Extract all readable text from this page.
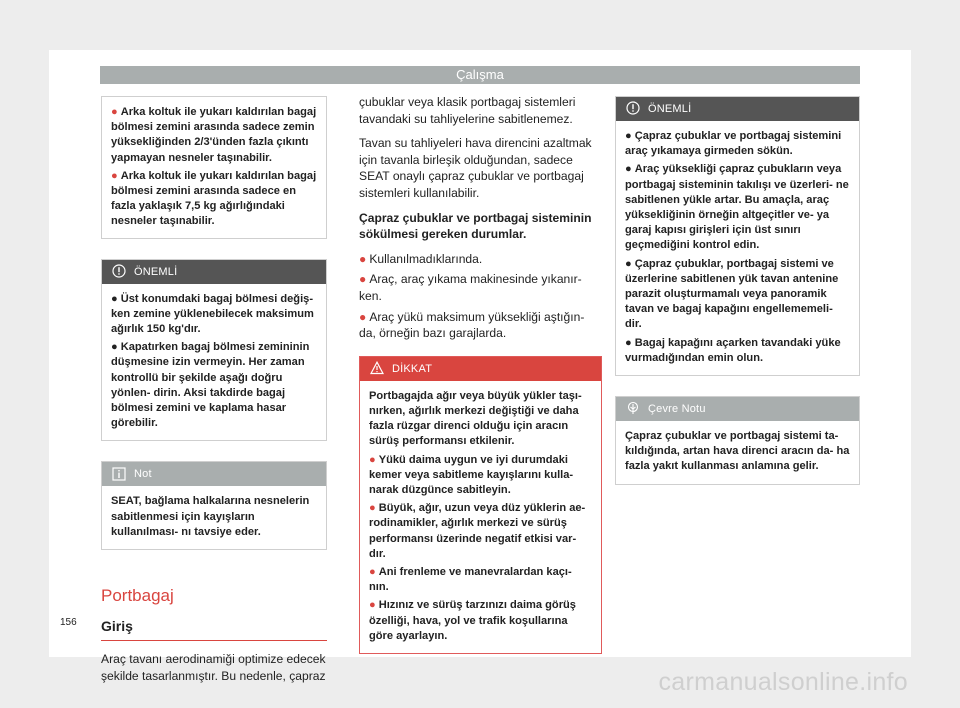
Çalışma

● Arka koltuk ile yukarı kaldırılan bagaj bölmesi zemini arasında sadece zemin yüksekliğinden 2/3'ünden fazla çıkıntı yapmayan nesneler taşınabilir.

● Arka koltuk ile yukarı kaldırılan bagaj bölmesi zemini arasında sadece en fazla yaklaşık 7,5 kg ağırlığındaki nesneler taşınabilir.

ÖNEMLİ

● Üst konumdaki bagaj bölmesi değiş- ken zemine yüklenebilecek maksimum ağırlık 150 kg'dır.

● Kapatırken bagaj bölmesi zemininin düşmesine izin vermeyin. Her zaman kontrollü bir şekilde aşağı doğru yönlen- dirin. Aksi takdirde bagaj bölmesi zemini ve kaplama hasar görebilir.

Not

SEAT, bağlama halkalarına nesnelerin sabitlenmesi için kayışların kullanılması- nı tavsiye eder.

Portbagaj
Giriş

Araç tavanı aerodinamiği optimize edecek şekilde tasarlanmıştır. Bu nedenle, çapraz

çubuklar veya klasik portbagaj sistemleri tavandaki su tahliyelerine sabitlenemez.

Tavan su tahliyeleri hava direncini azaltmak için tavanla birleşik olduğundan, sadece SEAT onaylı çapraz çubuklar ve portbagaj sistemleri kullanılabilir.

Çapraz çubuklar ve portbagaj sisteminin sökülmesi gereken durumlar.

● Kullanılmadıklarında.

● Araç, araç yıkama makinesinde yıkanır- ken.

● Araç yükü maksimum yüksekliği aştığın- da, örneğin bazı garajlarda.

DİKKAT

Portbagajda ağır veya büyük yükler taşı- nırken, ağırlık merkezi değiştiği ve daha fazla rüzgar direnci olduğu için aracın sürüş performansı etkilenir.

● Yükü daima uygun ve iyi durumdaki kemer veya sabitleme kayışlarını kulla- narak düzgünce sabitleyin.

● Büyük, ağır, uzun veya düz yüklerin ae- rodinamikler, ağırlık merkezi ve sürüş performansı üzerinde negatif etkisi var- dır.

● Ani frenleme ve manevralardan kaçı- nın.

● Hızınız ve sürüş tarzınızı daima görüş özelliği, hava, yol ve trafik koşullarına göre ayarlayın.

ÖNEMLİ

● Çapraz çubuklar ve portbagaj sistemini araç yıkamaya girmeden sökün.

● Araç yüksekliği çapraz çubukların veya portbagaj sisteminin takılışı ve üzerleri- ne sabitlenen yükle artar. Bu amaçla, araç yüksekliğinin örneğin altgeçitler ve- ya garaj kapısı girişleri için üst sınırı geçmediğini kontrol edin.

● Çapraz çubuklar, portbagaj sistemi ve üzerlerine sabitlenen yük tavan antenine parazit oluşturmamalı veya panoramik tavan ve bagaj kapağını engellememeli- dir.

● Bagaj kapağını açarken tavandaki yüke vurmadığından emin olun.

Çevre Notu

Çapraz çubuklar ve portbagaj sistemi ta- kıldığında, artan hava direnci aracın da- ha fazla yakıt kullanması anlamına gelir.

156
carmanualsonline.info
